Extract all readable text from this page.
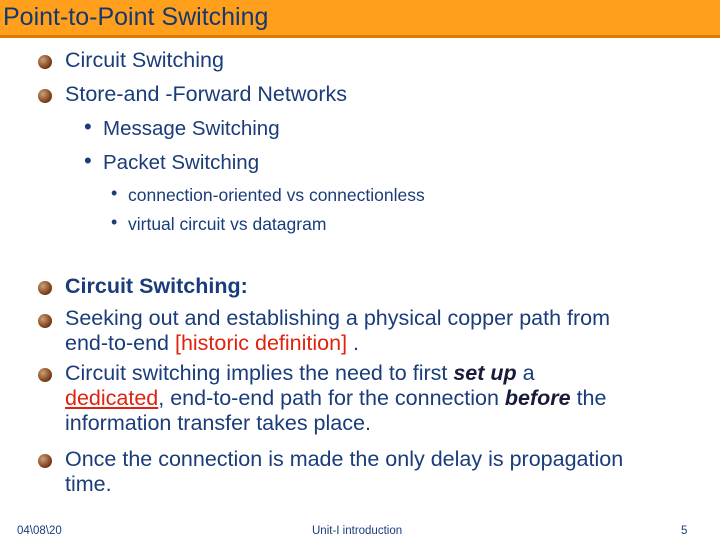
Point-to-Point Switching
Circuit Switching
Store-and -Forward Networks
• Message Switching
• Packet Switching
• connection-oriented vs connectionless
• virtual circuit vs datagram
Circuit Switching:
Seeking out and establishing a physical copper path from
end-to-end [historic definition] .
Circuit switching implies the need to first set up a
dedicated, end-to-end path for the connection before the
information transfer takes place.
Once the connection is made the only delay is propagation
time.
04\08\20	Unit-I introduction	5
